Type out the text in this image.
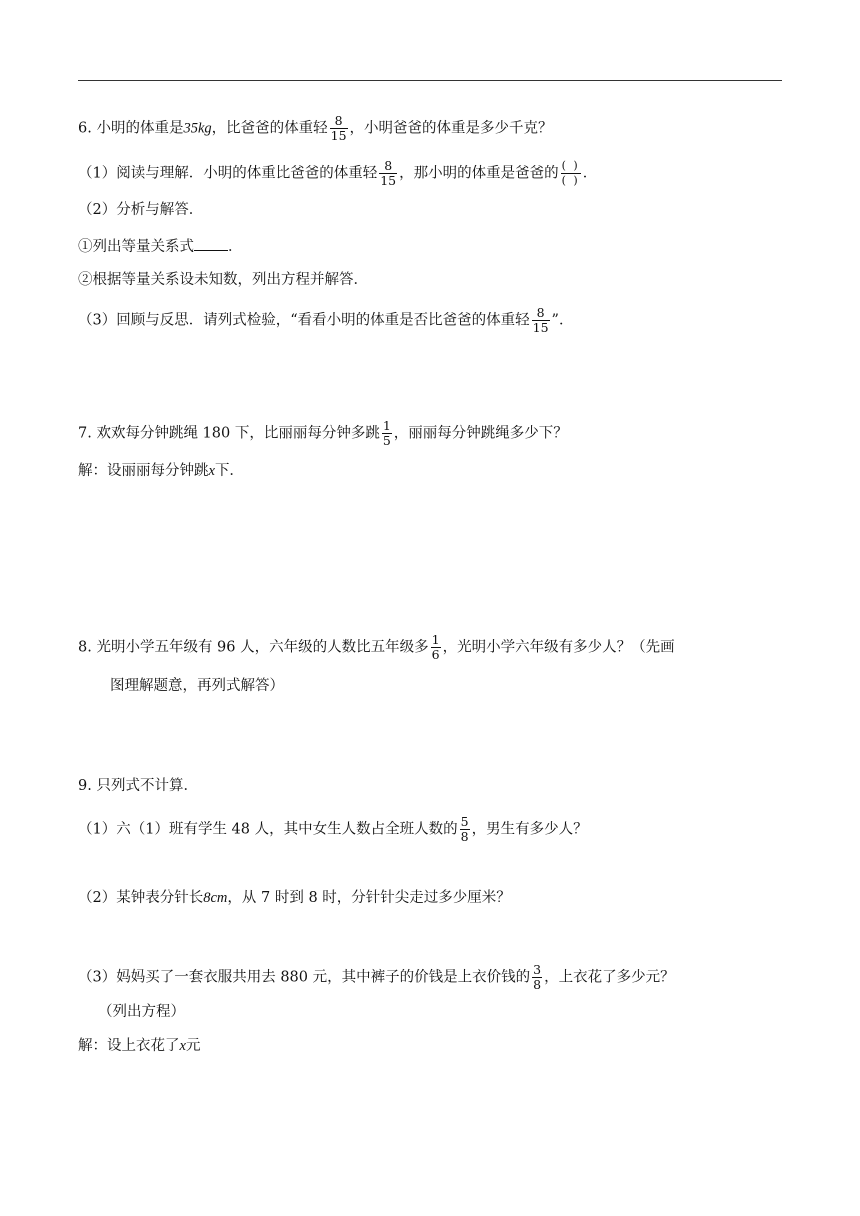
6. 小明的体重是35kg，比爸爸的体重轻 $\frac{8}{15}$ ，小明爸爸的体重是多少千克？
（1）阅读与理解．小明的体重比爸爸的体重轻 $\frac{8}{15}$ ，那小明的体重是爸爸的 $\frac{( )}{( )}$ ．
（2）分析与解答．
①列出等量关系式 ．
②根据等量关系设未知数，列出方程并解答．
（3）回顾与反思．请列式检验，“看看小明的体重是否比爸爸的体重轻 $\frac{8}{15}$ ”．
7. 欢欢每分钟跳绳 180 下，比丽丽每分钟多跳 $\frac{1}{5}$ ，丽丽每分钟跳绳多少下？
解：设丽丽每分钟跳x下．
8. 光明小学五年级有 96 人，六年级的人数比五年级多 $\frac{1}{6}$ ，光明小学六年级有多少人？（先画
图理解题意，再列式解答）
9. 只列式不计算．
（1）六（1）班有学生 48 人，其中女生人数占全班人数的 $\frac{5}{8}$ ，男生有多少人？
（2）某钟表分针长8cm，从 7 时到 8 时，分针针尖走过多少厘米？
（3）妈妈买了一套衣服共用去 880 元，其中裤子的价钱是上衣价钱的 $\frac{3}{8}$ ，上衣花了多少元？
（列出方程）
解：设上衣花了x元
